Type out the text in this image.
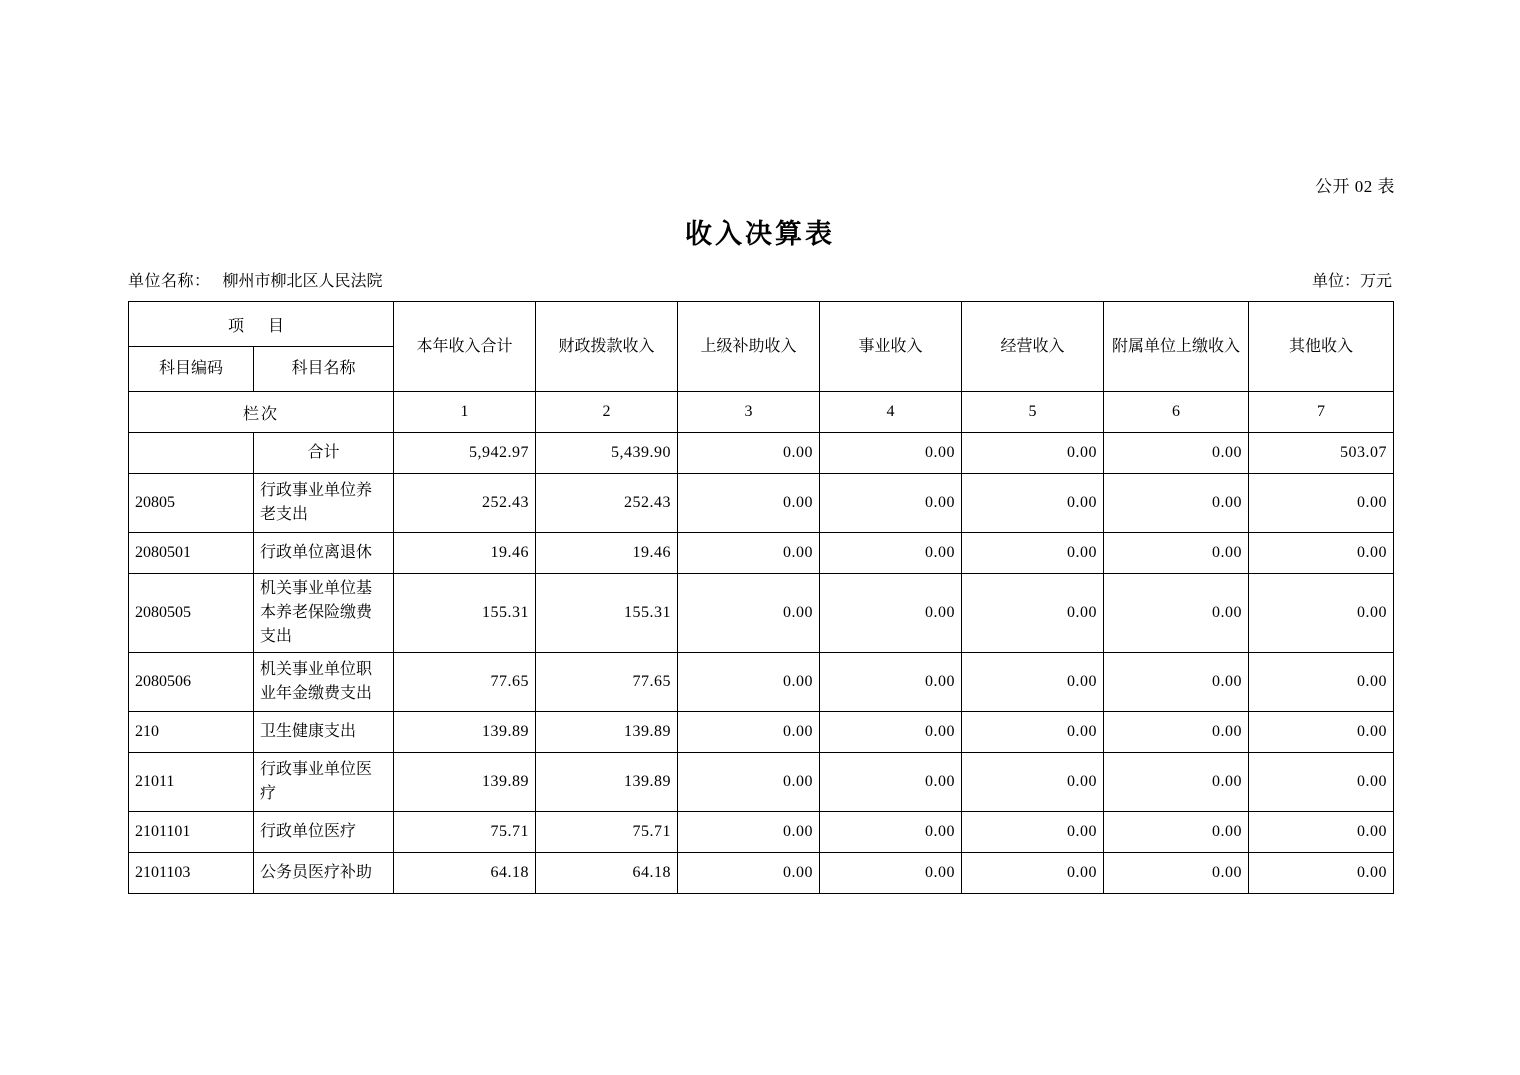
公开 02 表
收入决算表
单位名称： 柳州市柳北区人民法院	单位：万元
项 目		本年收入合计	财政拨款收入	上级补助收入	事业收入	经营收入	附属单位上缴收入	其他收入
科目编码	科目名称							
栏次		1	2	3	4	5	6	7
	合计	5,942.97	5,439.90	0.00	0.00	0.00	0.00	503.07
20805	行政事业单位养老支出	252.43	252.43	0.00	0.00	0.00	0.00	0.00
2080501	行政单位离退休	19.46	19.46	0.00	0.00	0.00	0.00	0.00
2080505	机关事业单位基本养老保险缴费支出	155.31	155.31	0.00	0.00	0.00	0.00	0.00
2080506	机关事业单位职业年金缴费支出	77.65	77.65	0.00	0.00	0.00	0.00	0.00
210	卫生健康支出	139.89	139.89	0.00	0.00	0.00	0.00	0.00
21011	行政事业单位医疗	139.89	139.89	0.00	0.00	0.00	0.00	0.00
2101101	行政单位医疗	75.71	75.71	0.00	0.00	0.00	0.00	0.00
2101103	公务员医疗补助	64.18	64.18	0.00	0.00	0.00	0.00	0.00
